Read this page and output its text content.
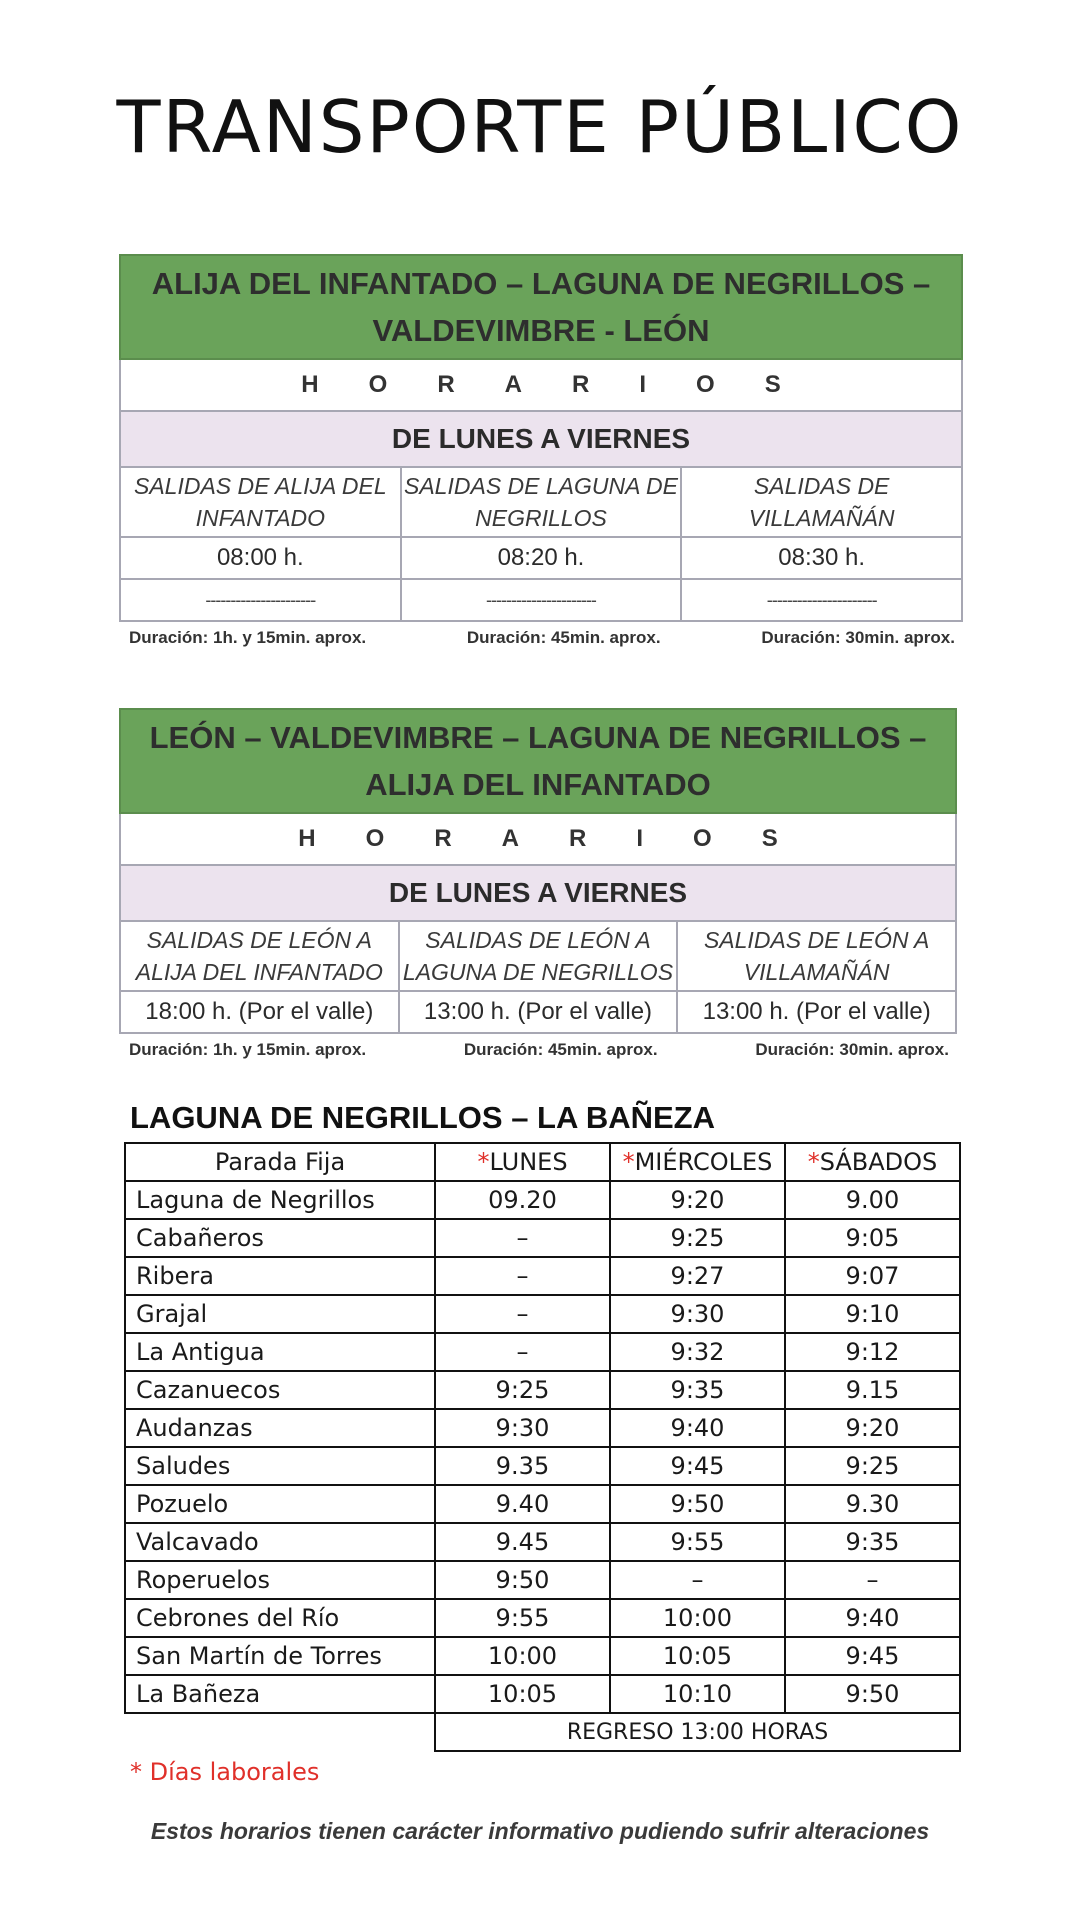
TRANSPORTE PÚBLICO
ALIJA DEL INFANTADO – LAGUNA DE NEGRILLOS – VALDEVIMBRE - LEÓN		
H O R A R I O S		
DE LUNES A VIERNES		
SALIDAS DE ALIJA DEL INFANTADO	SALIDAS DE LAGUNA DE NEGRILLOS	SALIDAS DE VILLAMAÑÁN
08:00 h.	08:20 h.	08:30 h.
----------------------	----------------------	----------------------
Duración: 1h. y 15min. aprox.	Duración: 45min. aprox.	Duración: 30min. aprox.
LEÓN – VALDEVIMBRE – LAGUNA DE NEGRILLOS – ALIJA DEL INFANTADO		
H O R A R I O S		
DE LUNES A VIERNES		
SALIDAS DE LEÓN A ALIJA DEL INFANTADO	SALIDAS DE LEÓN A LAGUNA DE NEGRILLOS	SALIDAS DE LEÓN A VILLAMAÑÁN
18:00 h. (Por el valle)	13:00 h. (Por el valle)	13:00 h. (Por el valle)
Duración: 1h. y 15min. aprox.	Duración: 45min. aprox.	Duración: 30min. aprox.
LAGUNA DE NEGRILLOS – LA BAÑEZA
Parada Fija	*LUNES	*MIÉRCOLES	*SÁBADOS
Laguna de Negrillos	09.20	9:20	9.00
Cabañeros	–	9:25	9:05
Ribera	–	9:27	9:07
Grajal	–	9:30	9:10
La Antigua	–	9:32	9:12
Cazanuecos	9:25	9:35	9.15
Audanzas	9:30	9:40	9:20
Saludes	9.35	9:45	9:25
Pozuelo	9.40	9:50	9.30
Valcavado	9.45	9:55	9:35
Roperuelos	9:50	–	–
Cebrones del Río	9:55	10:00	9:40
San Martín de Torres	10:00	10:05	9:45
La Bañeza	10:05	10:10	9:50
	REGRESO 13:00 HORAS		
* Días laborales
Estos horarios tienen carácter informativo pudiendo sufrir alteraciones
